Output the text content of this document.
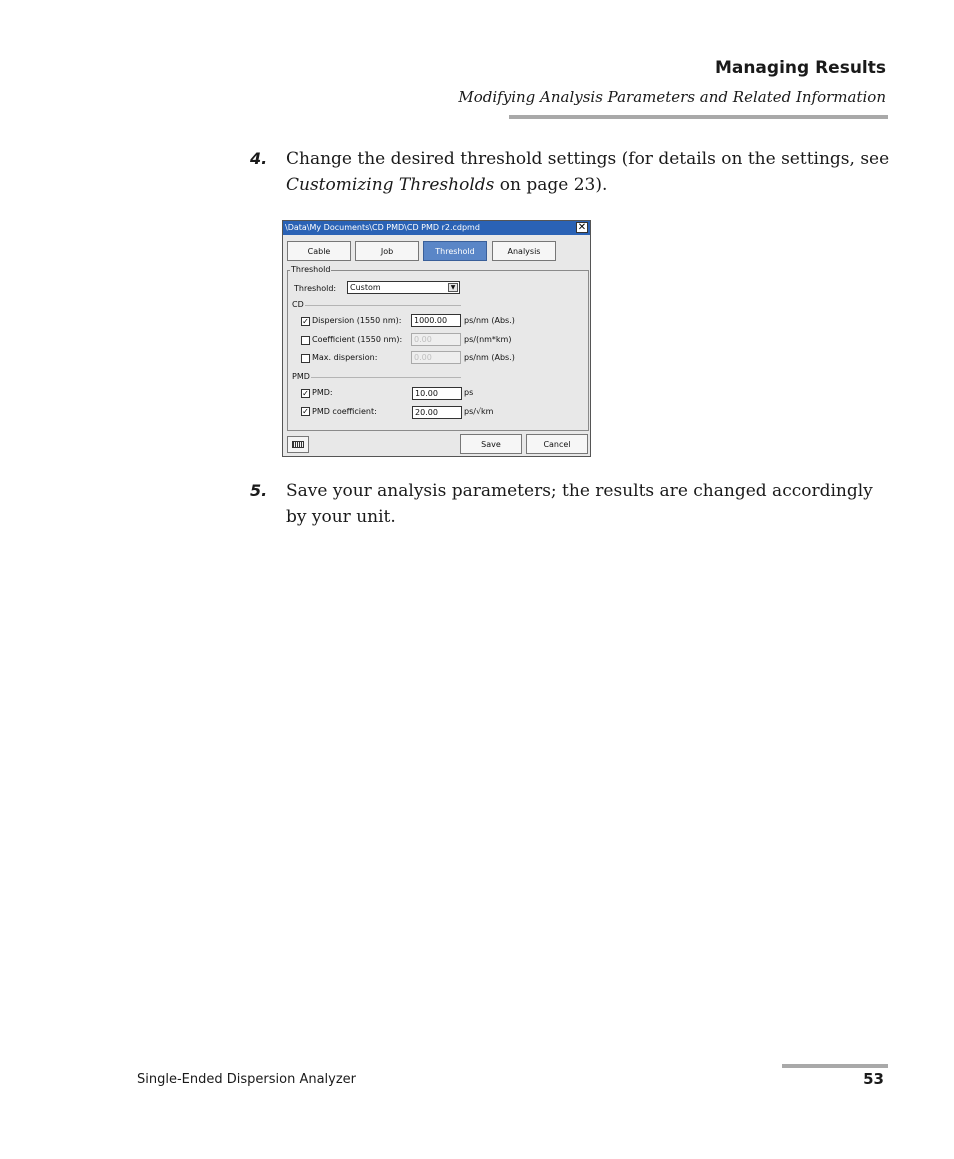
Managing Results
Modifying Analysis Parameters and Related Information
4. Change the desired threshold settings (for details on the settings, see Customizing Thresholds on page 23).
\Data\My Documents\CD PMD\CD PMD r2.cdpmd	✕
Cable	Job	Threshold	Analysis
Threshold
Threshold:	Custom	▼
CD
✓ Dispersion (1550 nm):	1000.00	ps/nm (Abs.)
Coefficient (1550 nm):	0.00	ps/(nm*km)
Max. dispersion:	0.00	ps/nm (Abs.)
PMD
✓ PMD:	10.00	ps
✓ PMD coefficient:	20.00	ps/√km
Save	Cancel
5. Save your analysis parameters; the results are changed accordingly by your unit.
Single-Ended Dispersion Analyzer	53
